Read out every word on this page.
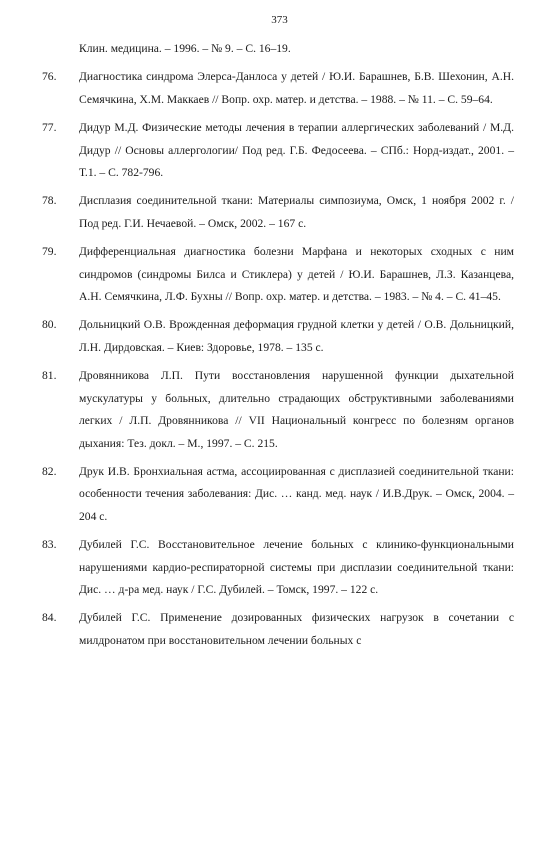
373
Клин. медицина. – 1996. – № 9. – С. 16–19.
76.	Диагностика синдрома Элерса-Данлоса у детей / Ю.И. Барашнев, Б.В. Шехонин, А.Н. Семячкина, Х.М. Маккаев // Вопр. охр. матер. и детства. – 1988. – № 11. – С. 59–64.
77.	Дидур М.Д. Физические методы лечения в терапии аллергических заболеваний / М.Д. Дидур // Основы аллергологии/ Под ред. Г.Б. Федосеева. – СПб.: Норд-издат., 2001. – Т.1. – С. 782-796.
78.	Дисплазия соединительной ткани: Материалы симпозиума, Омск, 1 ноября 2002 г. / Под ред. Г.И. Нечаевой. – Омск, 2002. – 167 с.
79.	Дифференциальная диагностика болезни Марфана и некоторых сходных с ним синдромов (синдромы Билса и Стиклера) у детей / Ю.И. Барашнев, Л.З. Казанцева, А.Н. Семячкина, Л.Ф. Бухны // Вопр. охр. матер. и детства. – 1983. – № 4. – С. 41–45.
80.	Дольницкий О.В. Врожденная деформация грудной клетки у детей / О.В. Дольницкий, Л.Н. Дирдовская. – Киев: Здоровье, 1978. – 135 с.
81.	Дровянникова Л.П. Пути восстановления нарушенной функции дыхательной мускулатуры у больных, длительно страдающих обструктивными заболеваниями легких / Л.П. Дровянникова // VII Национальный конгресс по болезням органов дыхания: Тез. докл. – М., 1997. – С. 215.
82.	Друк И.В. Бронхиальная астма, ассоциированная с дисплазией соединительной ткани: особенности течения заболевания: Дис. … канд. мед. наук / И.В.Друк. – Омск, 2004. – 204 с.
83.	Дубилей Г.С. Восстановительное лечение больных с клинико-функциональными нарушениями кардио-респираторной системы при дисплазии соединительной ткани: Дис. … д-ра мед. наук / Г.С. Дубилей. – Томск, 1997. – 122 с.
84.	Дубилей Г.С. Применение дозированных физических нагрузок в сочетании с милдронатом при восстановительном лечении больных с
